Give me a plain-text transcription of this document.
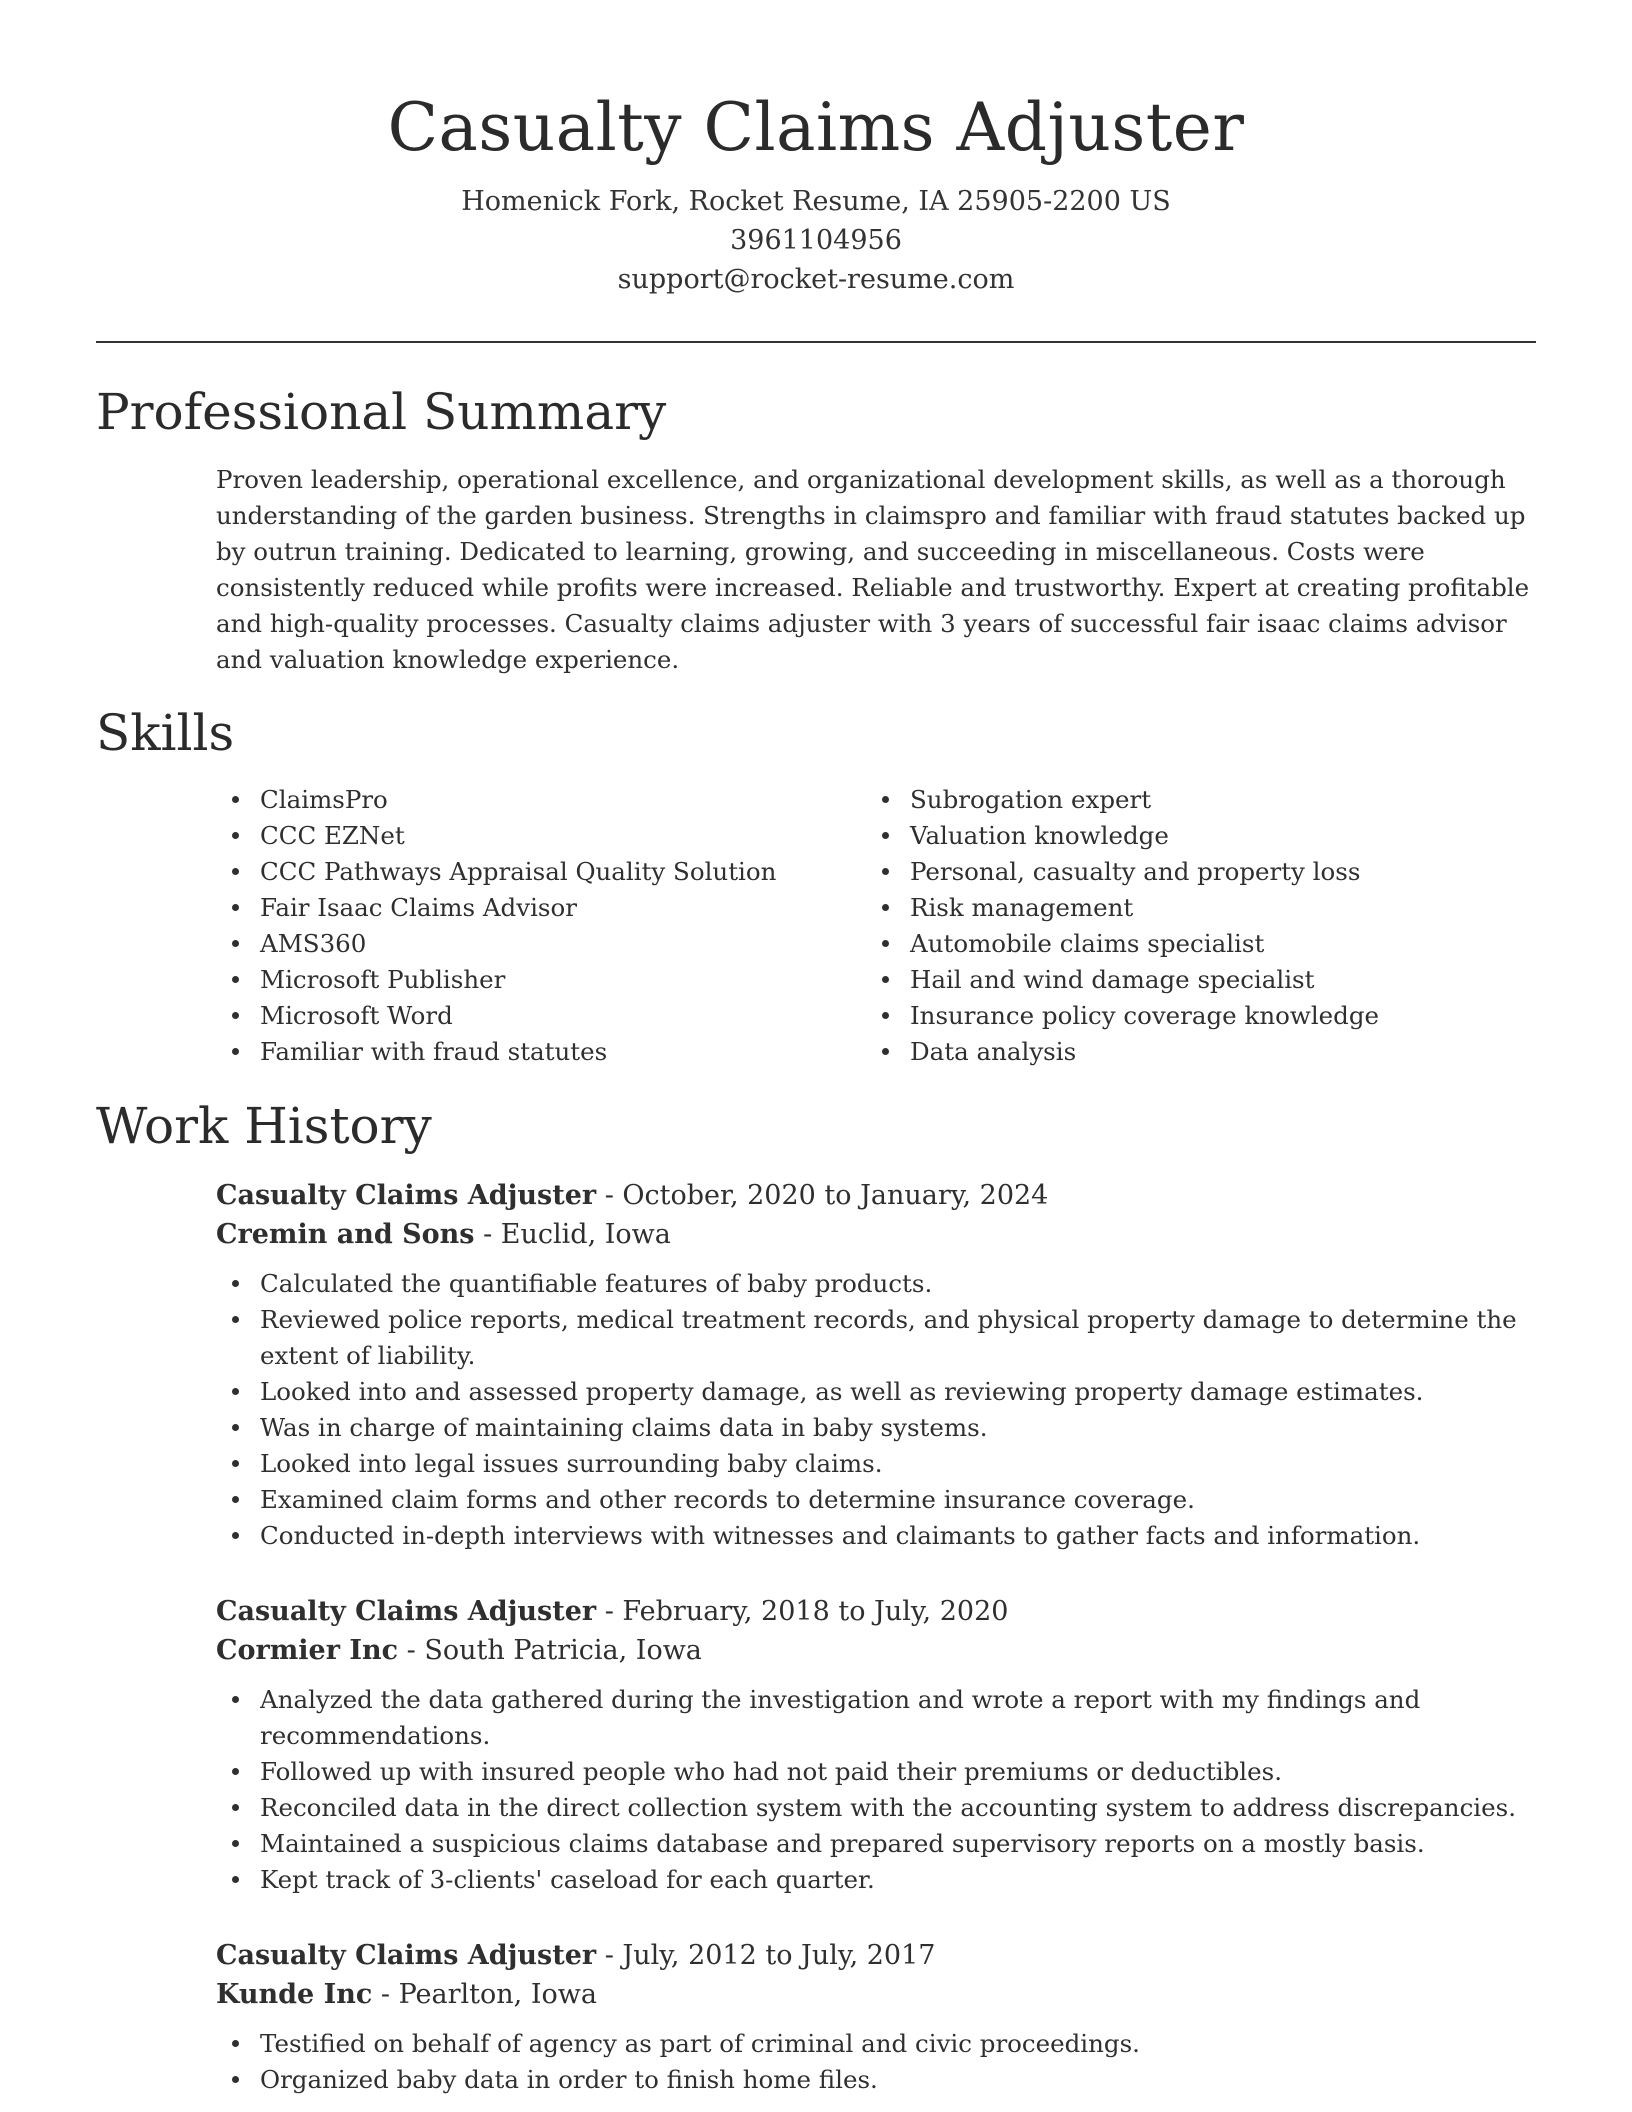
Casualty Claims Adjuster
Homenick Fork, Rocket Resume, IA 25905-2200 US
3961104956
support@rocket-resume.com
Professional Summary

Proven leadership, operational excellence, and organizational development skills, as well as a thorough understanding of the garden business. Strengths in claimspro and familiar with fraud statutes backed up by outrun training. Dedicated to learning, growing, and succeeding in miscellaneous. Costs were consistently reduced while profits were increased. Reliable and trustworthy. Expert at creating profitable and high-quality processes. Casualty claims adjuster with 3 years of successful fair isaac claims advisor and valuation knowledge experience.

Skills
ClaimsPro
CCC EZNet
CCC Pathways Appraisal Quality Solution
Fair Isaac Claims Advisor
AMS360
Microsoft Publisher
Microsoft Word
Familiar with fraud statutes
Subrogation expert
Valuation knowledge
Personal, casualty and property loss
Risk management
Automobile claims specialist
Hail and wind damage specialist
Insurance policy coverage knowledge
Data analysis
Work History
Casualty Claims Adjuster - October, 2020 to January, 2024
Cremin and Sons - Euclid, Iowa
Calculated the quantifiable features of baby products.
Reviewed police reports, medical treatment records, and physical property damage to determine the extent of liability.
Looked into and assessed property damage, as well as reviewing property damage estimates.
Was in charge of maintaining claims data in baby systems.
Looked into legal issues surrounding baby claims.
Examined claim forms and other records to determine insurance coverage.
Conducted in-depth interviews with witnesses and claimants to gather facts and information.
Casualty Claims Adjuster - February, 2018 to July, 2020
Cormier Inc - South Patricia, Iowa
Analyzed the data gathered during the investigation and wrote a report with my findings and recommendations.
Followed up with insured people who had not paid their premiums or deductibles.
Reconciled data in the direct collection system with the accounting system to address discrepancies.
Maintained a suspicious claims database and prepared supervisory reports on a mostly basis.
Kept track of 3-clients' caseload for each quarter.
Casualty Claims Adjuster - July, 2012 to July, 2017
Kunde Inc - Pearlton, Iowa
Testified on behalf of agency as part of criminal and civic proceedings.
Organized baby data in order to finish home files.
